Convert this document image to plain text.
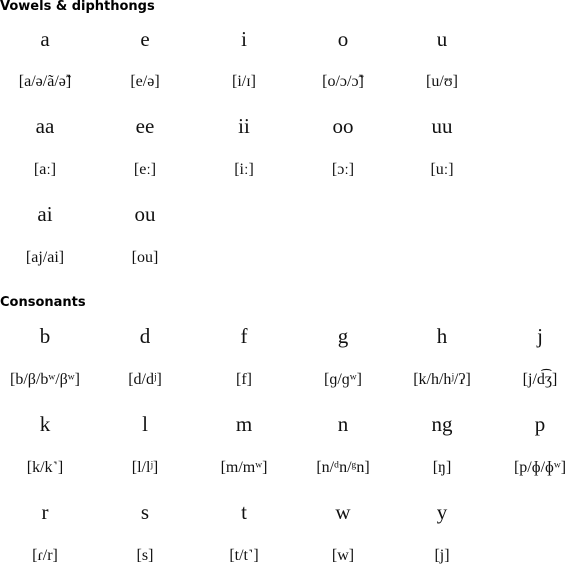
Vowels & diphthongs
a	e	i	o	u
[a/ə/ã/ə̃]	[e/ə]	[i/ɪ]	[o/ɔ/ɔ̃]	[u/ʊ]
aa	ee	ii	oo	uu
[aː]	[eː]	[iː]	[ɔː]	[uː]
ai	ou
[aj/ai]	[ou]
Consonants
b	d	f	g	h	j
[b/β/bʷ/βʷ]	[d/dʲ]	[f]	[ɡ/ɡʷ]	[k/h/hʲ/ʔ]	[j/d͡ʒ]
k	l	m	n	ng	p
[k/k˺]	[l/lʲ]	[m/mʷ]	[n/ᵈn/ᵍn]	[ŋ]	[p/ɸ/ɸʷ]
r	s	t	w	y
[ɾ/r]	[s]	[t/t˺]	[w]	[j]
